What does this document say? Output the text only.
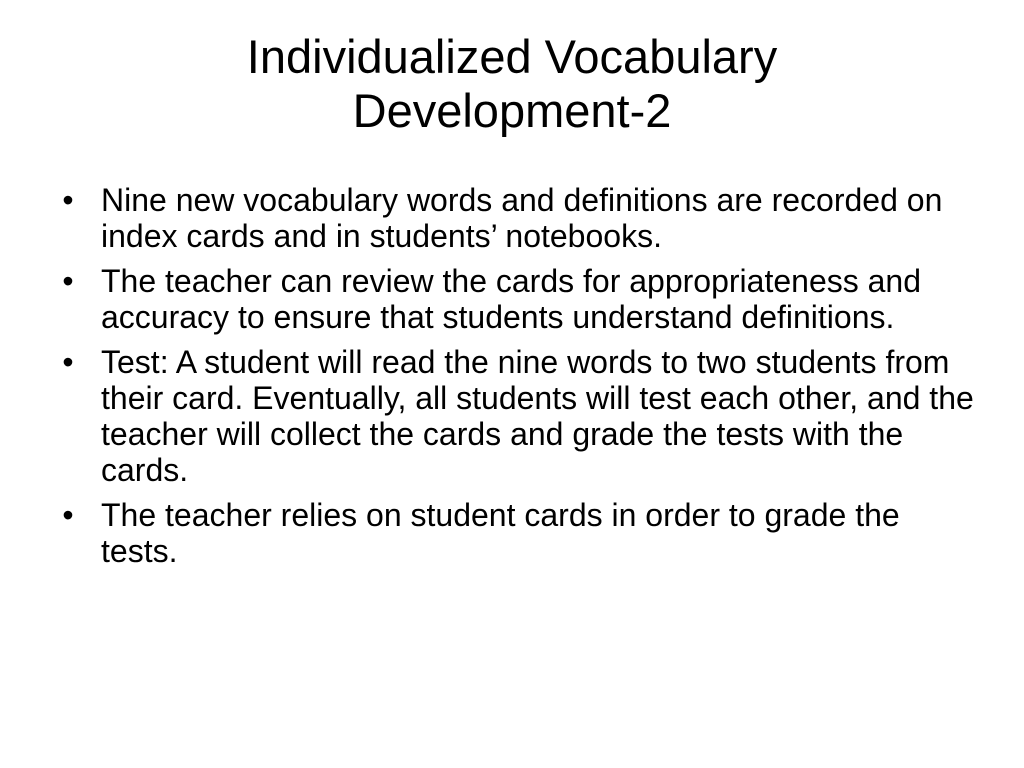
Individualized Vocabulary
Development-2
• Nine new vocabulary words and definitions are recorded on index cards and in students’ notebooks.
• The teacher can review the cards for appropriateness and accuracy to ensure that students understand definitions.
• Test: A student will read the nine words to two students from their card. Eventually, all students will test each other, and the teacher will collect the cards and grade the tests with the cards.
• The teacher relies on student cards in order to grade the tests.
